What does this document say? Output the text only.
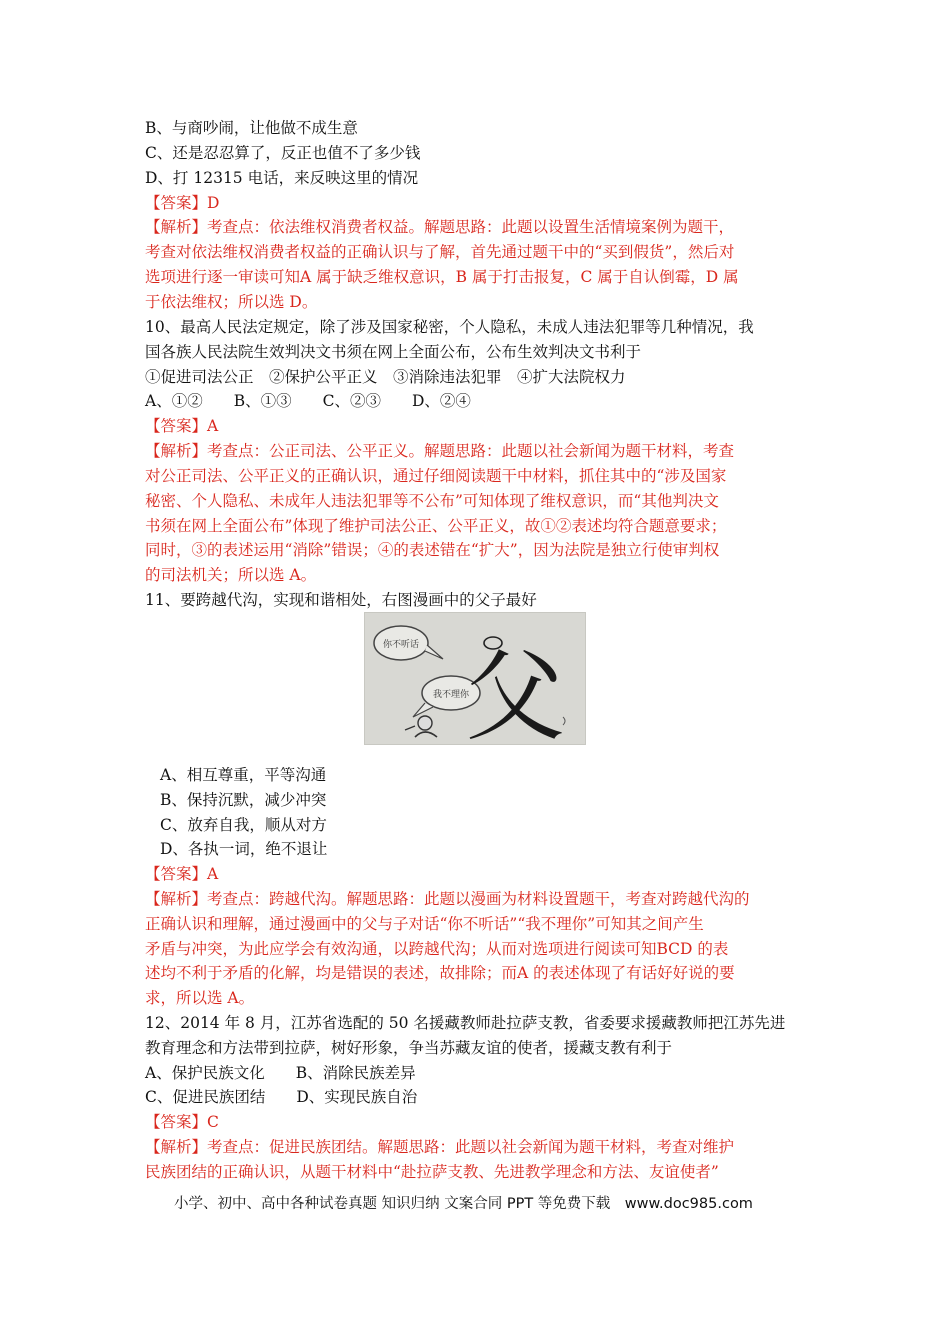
B、与商吵闹，让他做不成生意
C、还是忍忍算了，反正也值不了多少钱
D、打 12315 电话，来反映这里的情况
【答案】D
【解析】考查点：依法维权消费者权益。解题思路：此题以设置生活情境案例为题干，
考查对依法维权消费者权益的正确认识与了解，首先通过题干中的“买到假货”，然后对
选项进行逐一审读可知A 属于缺乏维权意识，B 属于打击报复，C 属于自认倒霉，D 属
于依法维权；所以选 D。
10、最高人民法定规定，除了涉及国家秘密，个人隐私，未成人违法犯罪等几种情况，我
国各族人民法院生效判决文书须在网上全面公布，公布生效判决文书利于
①促进司法公正　②保护公平正义　③消除违法犯罪　④扩大法院权力
A、①②　　B、①③　　C、②③　　D、②④
【答案】A
【解析】考查点：公正司法、公平正义。解题思路：此题以社会新闻为题干材料，考查
对公正司法、公平正义的正确认识，通过仔细阅读题干中材料，抓住其中的“涉及国家
秘密、个人隐私、未成年人违法犯罪等不公布”可知体现了维权意识，而“其他判决文
书须在网上全面公布”体现了维护司法公正、公平正义，故①②表述均符合题意要求；
同时，③的表述运用“消除”错误；④的表述错在“扩大”，因为法院是独立行使审判权
的司法机关；所以选 A。
11、要跨越代沟，实现和谐相处，右图漫画中的父子最好
你不听话
我不理你
父
A、相互尊重，平等沟通
B、保持沉默，减少冲突
C、放弃自我，顺从对方
D、各执一词，绝不退让
【答案】A
【解析】考查点：跨越代沟。解题思路：此题以漫画为材料设置题干，考查对跨越代沟的
正确认识和理解，通过漫画中的父与子对话“你不听话”“我不理你”可知其之间产生
矛盾与冲突，为此应学会有效沟通，以跨越代沟；从而对选项进行阅读可知BCD 的表
述均不利于矛盾的化解，均是错误的表述，故排除；而A 的表述体现了有话好好说的要
求，所以选 A。
12、2014 年 8 月，江苏省选配的 50 名援藏教师赴拉萨支教，省委要求援藏教师把江苏先进
教育理念和方法带到拉萨，树好形象，争当苏藏友谊的使者，援藏支教有利于
A、保护民族文化　　B、消除民族差异
C、促进民族团结　　D、实现民族自治
【答案】C
【解析】考查点：促进民族团结。解题思路：此题以社会新闻为题干材料，考查对维护
民族团结的正确认识，从题干材料中“赴拉萨支教、先进教学理念和方法、友谊使者”
小学、初中、高中各种试卷真题 知识归纳 文案合同 PPT 等免费下载　www.doc985.com
